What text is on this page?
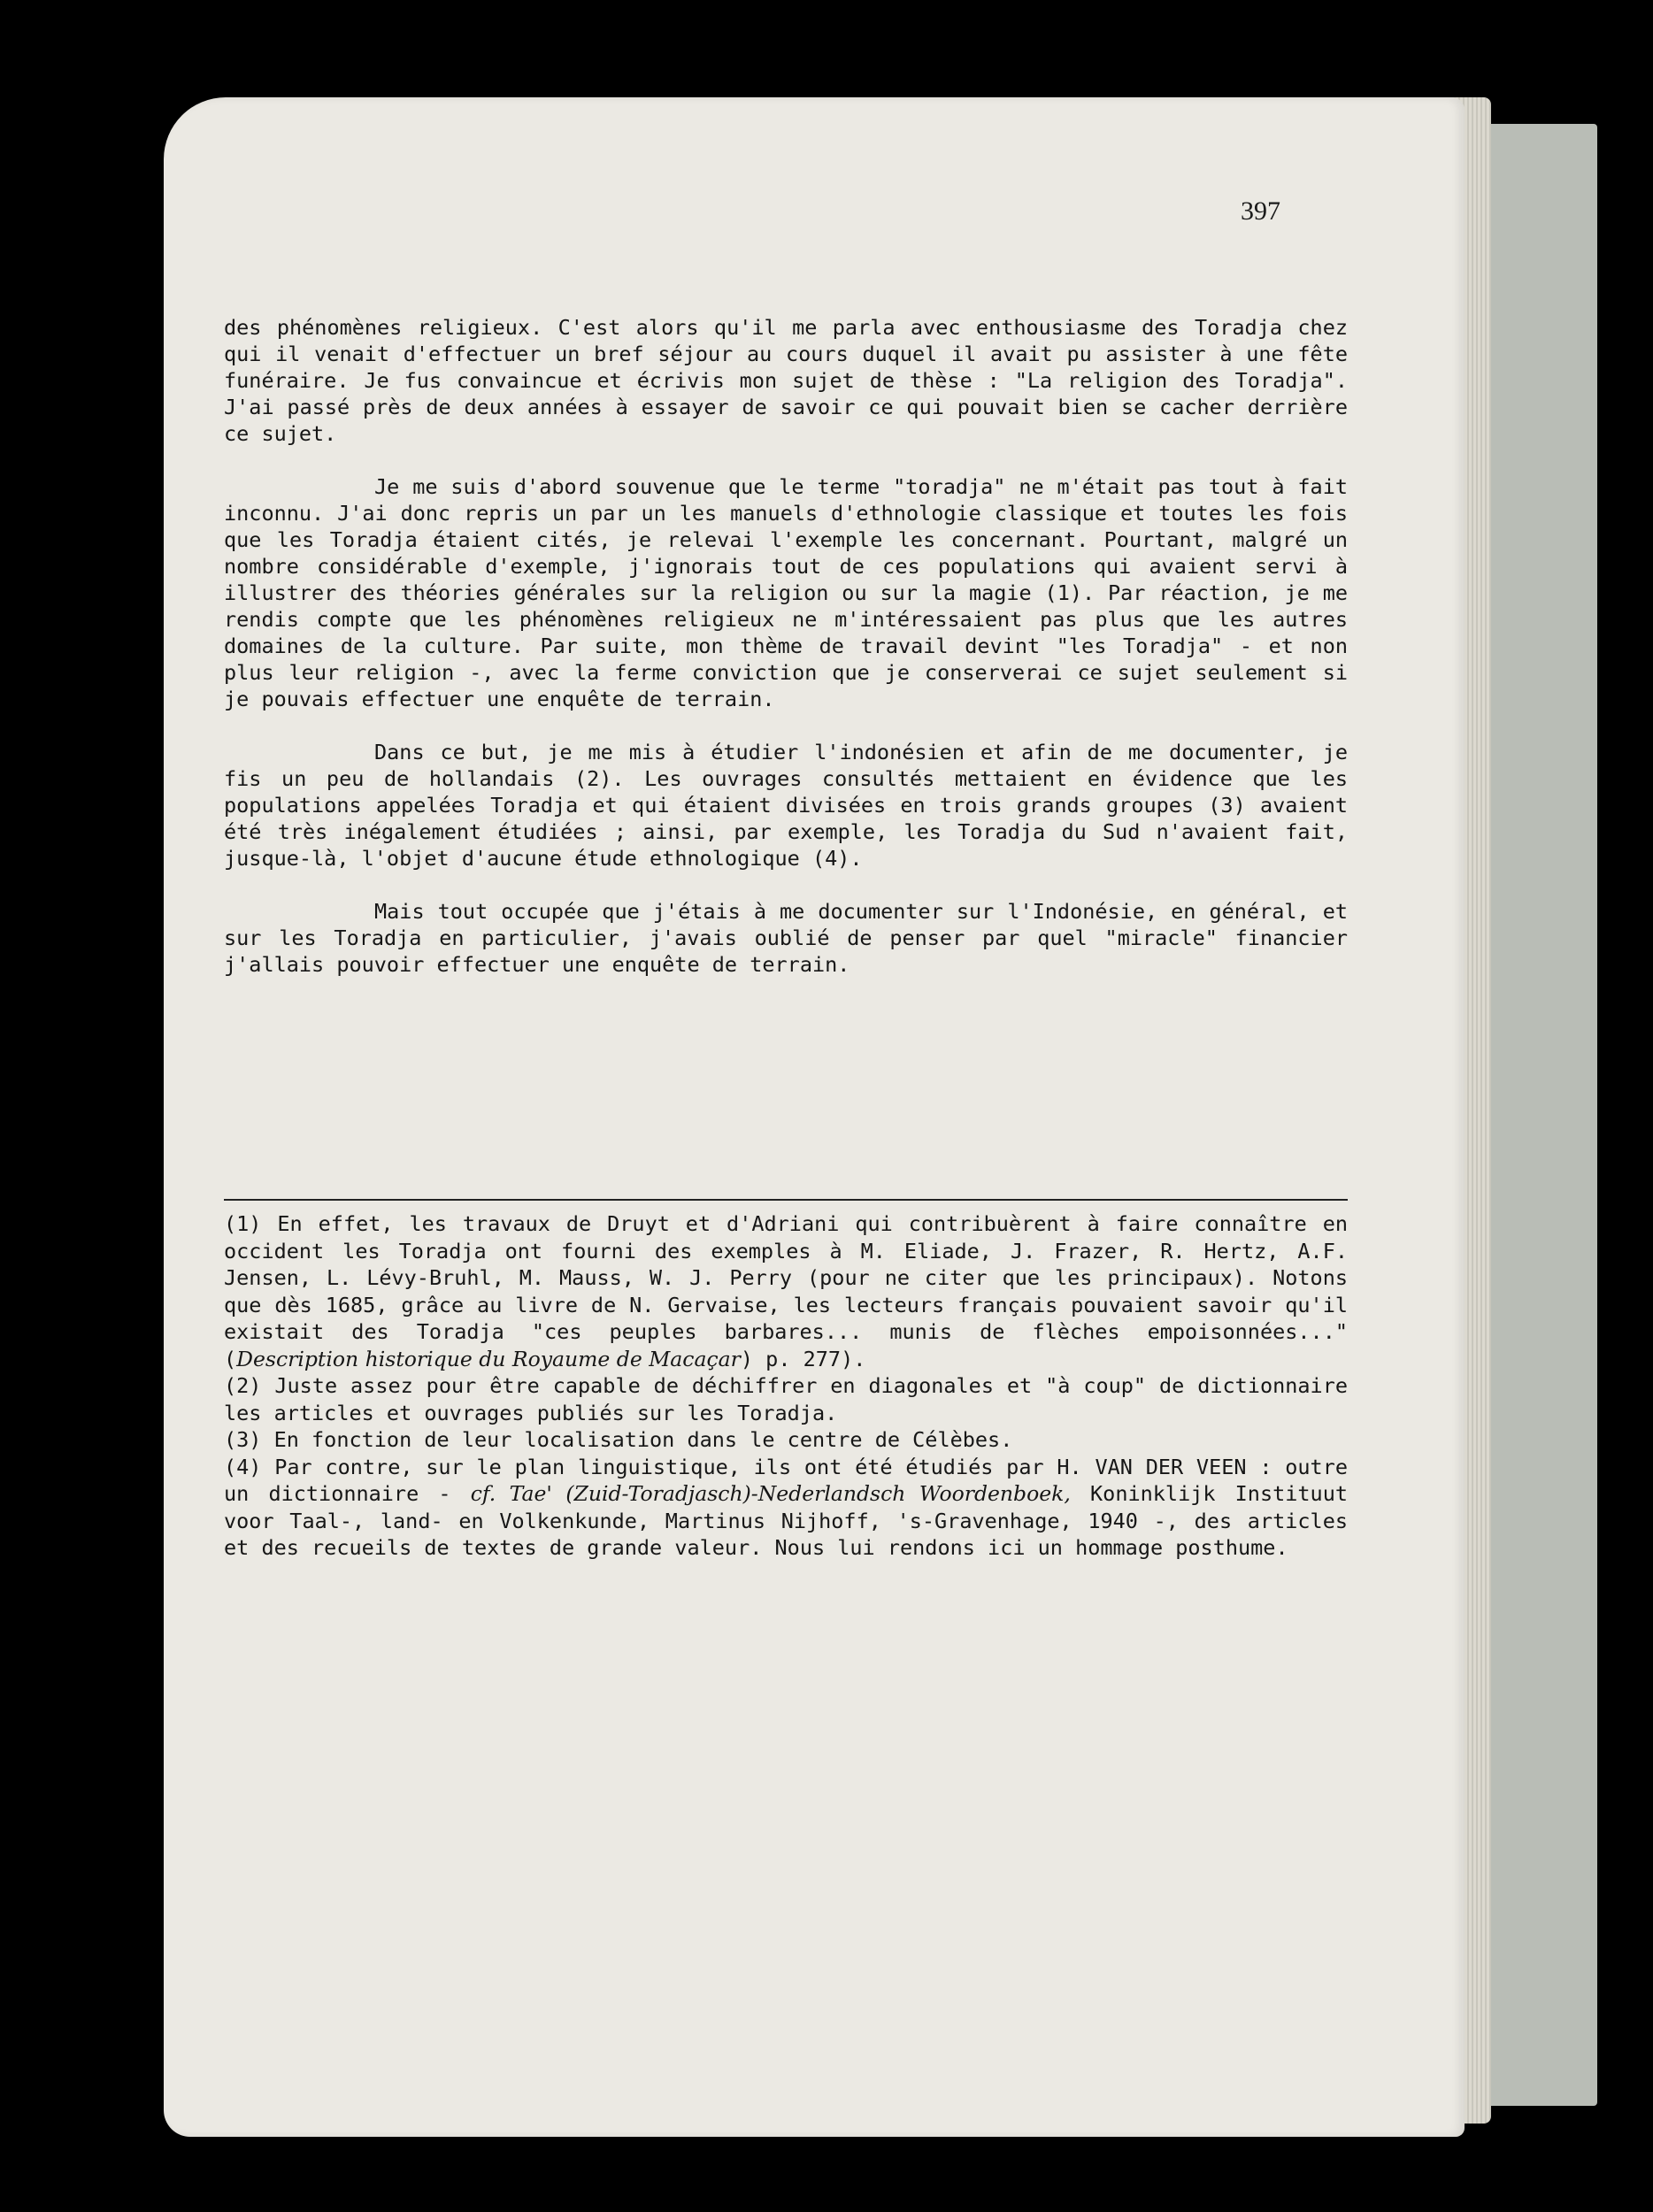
397

des phénomènes religieux. C'est alors qu'il me parla avec enthousiasme des Toradja chez qui il venait d'effectuer un bref séjour au cours duquel il avait pu assister à une fête funéraire. Je fus convaincue et écrivis mon sujet de thèse : "La religion des Toradja". J'ai passé près de deux années à essayer de savoir ce qui pouvait bien se cacher derrière ce sujet.

Je me suis d'abord souvenue que le terme "toradja" ne m'était pas tout à fait inconnu. J'ai donc repris un par un les manuels d'ethnologie classique et toutes les fois que les Toradja étaient cités, je relevai l'exemple les concernant. Pourtant, malgré un nombre considérable d'exemple, j'ignorais tout de ces populations qui avaient servi à illustrer des théories générales sur la religion ou sur la magie (1). Par réaction, je me rendis compte que les phénomènes religieux ne m'intéressaient pas plus que les autres domaines de la culture. Par suite, mon thème de travail devint "les Toradja" - et non plus leur religion -, avec la ferme conviction que je conserverai ce sujet seulement si je pouvais effectuer une enquête de terrain.

Dans ce but, je me mis à étudier l'indonésien et afin de me documenter, je fis un peu de hollandais (2). Les ouvrages consultés mettaient en évidence que les populations appelées Toradja et qui étaient divisées en trois grands groupes (3) avaient été très inégalement étudiées ; ainsi, par exemple, les Toradja du Sud n'avaient fait, jusque-là, l'objet d'aucune étude ethnologique (4).

Mais tout occupée que j'étais à me documenter sur l'Indonésie, en général, et sur les Toradja en particulier, j'avais oublié de penser par quel "miracle" financier j'allais pouvoir effectuer une enquête de terrain.

(1) En effet, les travaux de Druyt et d'Adriani qui contribuèrent à faire connaître en occident les Toradja ont fourni des exemples à M. Eliade, J. Frazer, R. Hertz, A.F. Jensen, L. Lévy-Bruhl, M. Mauss, W. J. Perry (pour ne citer que les principaux). Notons que dès 1685, grâce au livre de N. Gervaise, les lecteurs français pouvaient savoir qu'il existait des Toradja "ces peuples barbares... munis de flèches empoisonnées..." (Description historique du Royaume de Macaçar) p. 277).

(2) Juste assez pour être capable de déchiffrer en diagonales et "à coup" de dictionnaire les articles et ouvrages publiés sur les Toradja.

(3) En fonction de leur localisation dans le centre de Célèbes.

(4) Par contre, sur le plan linguistique, ils ont été étudiés par H. VAN DER VEEN : outre un dictionnaire - cf. Tae' (Zuid-Toradjasch)-Nederlandsch Woordenboek, Koninklijk Instituut voor Taal-, land- en Volkenkunde, Martinus Nijhoff, 's-Gravenhage, 1940 -, des articles et des recueils de textes de grande valeur. Nous lui rendons ici un hommage posthume.
